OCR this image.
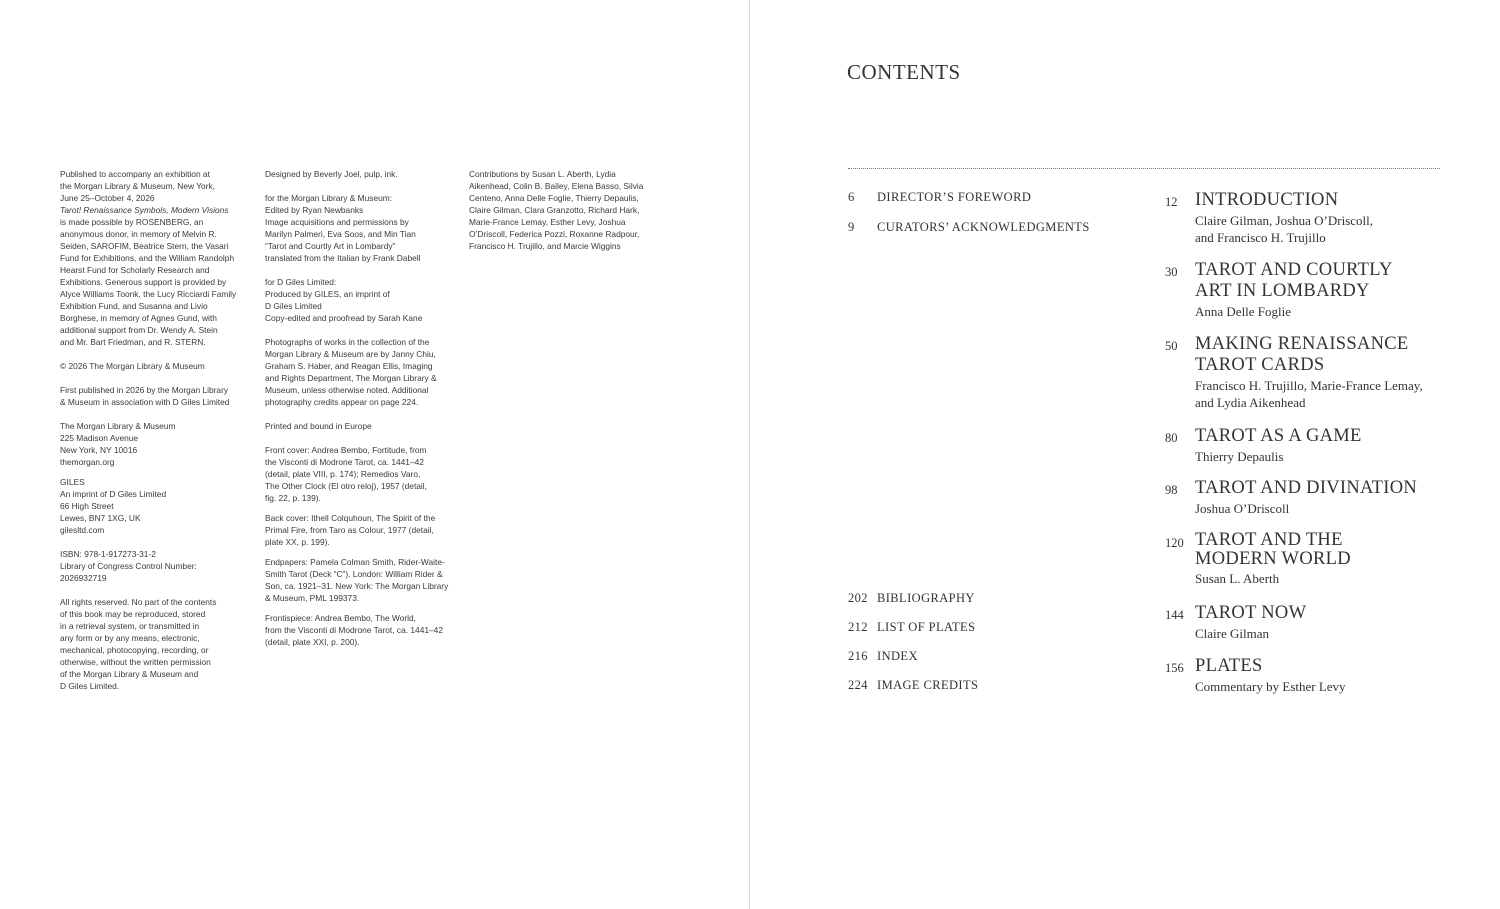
Published to accompany an exhibition at
the Morgan Library & Museum, New York,
June 25–October 4, 2026

Tarot! Renaissance Symbols, Modern Visions
is made possible by ROSENBERG, an
anonymous donor, in memory of Melvin R.
Seiden, SAROFIM, Beatrice Stern, the Vasari
Fund for Exhibitions, and the William Randolph
Hearst Fund for Scholarly Research and
Exhibitions. Generous support is provided by
Alyce Williams Toonk, the Lucy Ricciardi Family
Exhibition Fund, and Susanna and Livio
Borghese, in memory of Agnes Gund, with
additional support from Dr. Wendy A. Stein
and Mr. Bart Friedman, and R. STERN.

© 2026 The Morgan Library & Museum

First published in 2026 by the Morgan Library
& Museum in association with D Giles Limited

The Morgan Library & Museum
225 Madison Avenue
New York, NY 10016
themorgan.org

GILES
An imprint of D Giles Limited
66 High Street
Lewes, BN7 1XG, UK
gilesltd.com

ISBN: 978-1-917273-31-2
Library of Congress Control Number:
2026932719

All rights reserved. No part of the contents
of this book may be reproduced, stored
in a retrieval system, or transmitted in
any form or by any means, electronic,
mechanical, photocopying, recording, or
otherwise, without the written permission
of the Morgan Library & Museum and
D Giles Limited.

Designed by Beverly Joel, pulp, ink.

for the Morgan Library & Museum:
Edited by Ryan Newbanks
Image acquisitions and permissions by
Marilyn Palmeri, Eva Soos, and Min Tian
“Tarot and Courtly Art in Lombardy”
translated from the Italian by Frank Dabell

for D Giles Limited:
Produced by GILES, an imprint of
D Giles Limited
Copy-edited and proofread by Sarah Kane

Photographs of works in the collection of the
Morgan Library & Museum are by Janny Chiu,
Graham S. Haber, and Reagan Ellis, Imaging
and Rights Department, The Morgan Library &
Museum, unless otherwise noted. Additional
photography credits appear on page 224.

Printed and bound in Europe

Front cover: Andrea Bembo, Fortitude, from
the Visconti di Modrone Tarot, ca. 1441–42
(detail, plate VIII, p. 174); Remedios Varo,
The Other Clock (El otro reloj), 1957 (detail,
fig. 22, p. 139).

Back cover: Ithell Colquhoun, The Spirit of the
Primal Fire, from Taro as Colour, 1977 (detail,
plate XX, p. 199).

Endpapers: Pamela Colman Smith, Rider-Waite-
Smith Tarot (Deck “C”). London: William Rider &
Son, ca. 1921–31. New York: The Morgan Library
& Museum, PML 199373.

Frontispiece: Andrea Bembo, The World,
from the Visconti di Modrone Tarot, ca. 1441–42
(detail, plate XXI, p. 200).

Contributions by Susan L. Aberth, Lydia
Aikenhead, Colin B. Bailey, Elena Basso, Silvia
Centeno, Anna Delle Foglie, Thierry Depaulis,
Claire Gilman, Clara Granzotto, Richard Hark,
Marie-France Lemay, Esther Levy, Joshua
O’Driscoll, Federica Pozzi, Roxanne Radpour,
Francisco H. Trujillo, and Marcie Wiggins

CONTENTS
6	DIRECTOR’S FOREWORD
9	CURATORS’ ACKNOWLEDGMENTS
202 BIBLIOGRAPHY
212 LIST OF PLATES
216 INDEX
224 IMAGE CREDITS
12 INTRODUCTION
Claire Gilman, Joshua O’Driscoll,
and Francisco H. Trujillo
30 TAROT AND COURTLY
ART IN LOMBARDY
Anna Delle Foglie
50 MAKING RENAISSANCE
TAROT CARDS
Francisco H. Trujillo, Marie-France Lemay,
and Lydia Aikenhead
80 TAROT AS A GAME
Thierry Depaulis
98 TAROT AND DIVINATION
Joshua O’Driscoll
120 TAROT AND THE
MODERN WORLD
Susan L. Aberth
144 TAROT NOW
Claire Gilman
156 PLATES
Commentary by Esther Levy
